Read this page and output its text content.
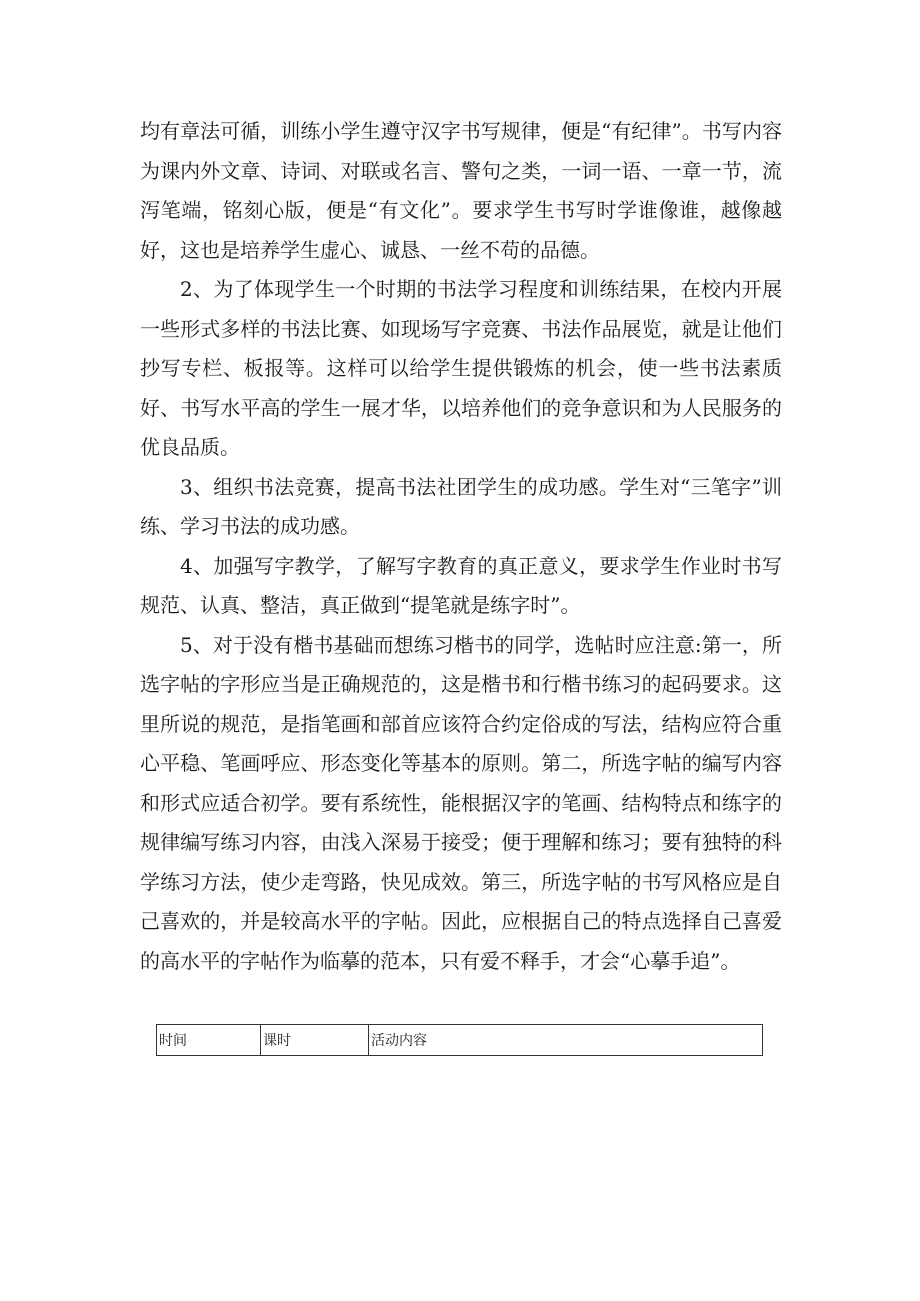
均有章法可循，训练小学生遵守汉字书写规律，便是“有纪律”。书写内容为课内外文章、诗词、对联或名言、警句之类，一词一语、一章一节，流泻笔端，铭刻心版，便是“有文化”。要求学生书写时学谁像谁，越像越好，这也是培养学生虚心、诚恳、一丝不苟的品德。

2、为了体现学生一个时期的书法学习程度和训练结果，在校内开展一些形式多样的书法比赛、如现场写字竞赛、书法作品展览，就是让他们抄写专栏、板报等。这样可以给学生提供锻炼的机会，使一些书法素质好、书写水平高的学生一展才华，以培养他们的竞争意识和为人民服务的优良品质。

3、组织书法竞赛，提高书法社团学生的成功感。学生对“三笔字”训练、学习书法的成功感。

4、加强写字教学，了解写字教育的真正意义，要求学生作业时书写规范、认真、整洁，真正做到“提笔就是练字时”。

5、对于没有楷书基础而想练习楷书的同学，选帖时应注意:第一，所选字帖的字形应当是正确规范的，这是楷书和行楷书练习的起码要求。这里所说的规范，是指笔画和部首应该符合约定俗成的写法，结构应符合重心平稳、笔画呼应、形态变化等基本的原则。第二，所选字帖的编写内容和形式应适合初学。要有系统性，能根据汉字的笔画、结构特点和练字的规律编写练习内容，由浅入深易于接受；便于理解和练习；要有独特的科学练习方法，使少走弯路，快见成效。第三，所选字帖的书写风格应是自己喜欢的，并是较高水平的字帖。因此，应根据自己的特点选择自己喜爱的高水平的字帖作为临摹的范本，只有爱不释手，才会“心摹手追”。

时间	课时	活动内容
